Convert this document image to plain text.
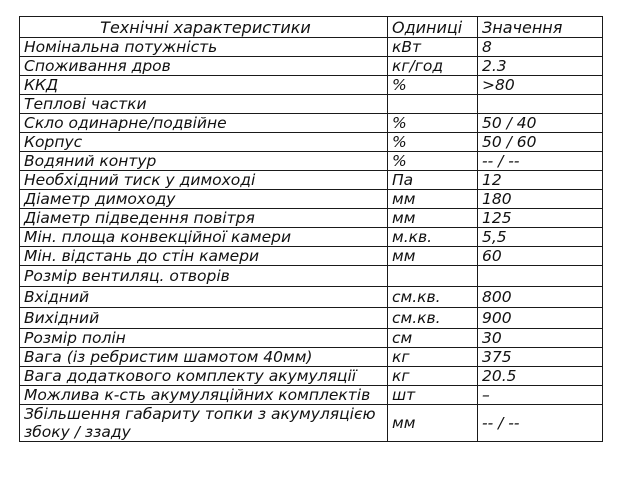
Технічні характеристики	Одиниці	Значення
Номінальна потужність	кВт	8
Споживання дров	кг/год	2.3
ККД	%	>80
Теплові частки		
Скло одинарне/подвійне	%	50 / 40
Корпус	%	50 / 60
Водяний контур	%	-- / --
Необхідний тиск у димоході	Па	12
Діаметр димоходу	мм	180
Діаметр підведення повітря	мм	125
Мін. площа конвекційної камери	м.кв.	5,5
Мін. відстань до стін камери	мм	60
Розмір вентиляц. отворів		
Вхідний	см.кв.	800
Вихідний	см.кв.	900
Розмір полін	см	30
Вага (із ребристим шамотом 40мм)	кг	375
Вага додаткового комплекту акумуляції	кг	20.5
Можлива к-сть акумуляційних комплектів	шт	–
Збільшення габариту топки з акумуляцією збоку / ззаду	мм	-- / --
